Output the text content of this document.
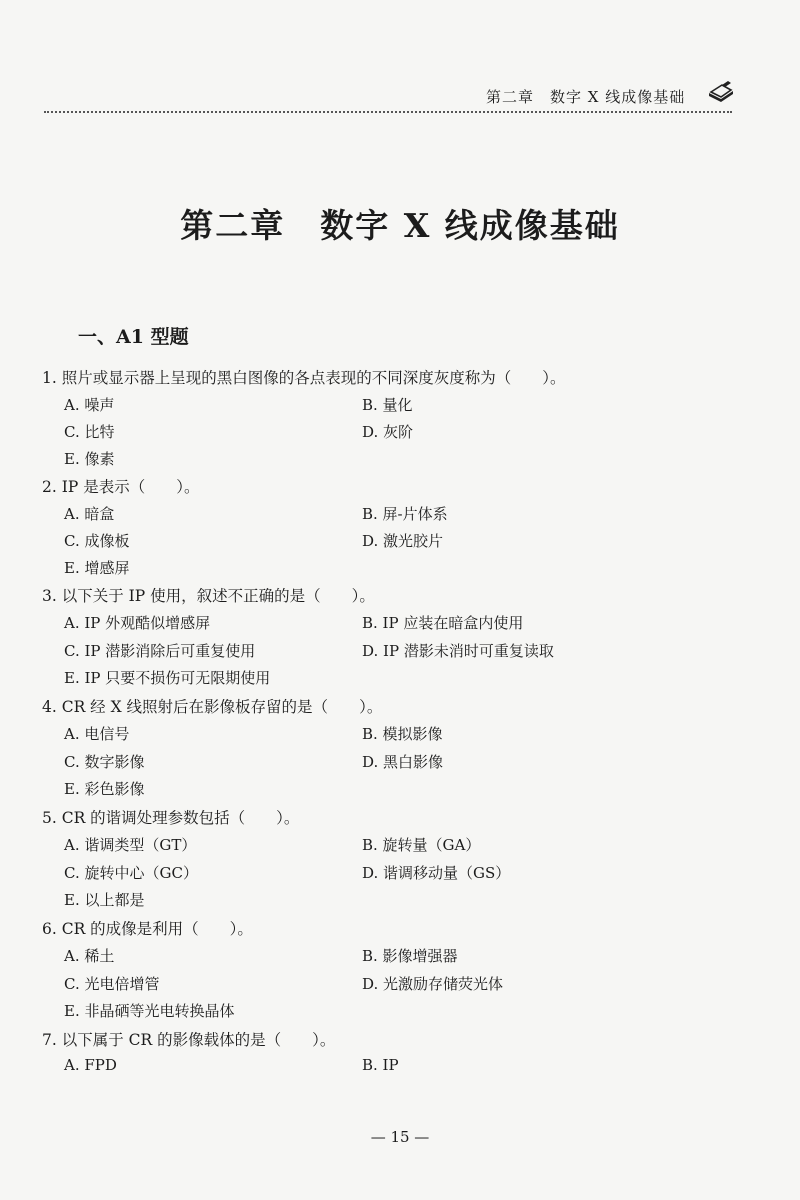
第二章　数字 X 线成像基础
第二章　数字 X 线成像基础
一、A1 型题
1. 照片或显示器上呈现的黑白图像的各点表现的不同深度灰度称为（　　）。
A. 噪声	B. 量化
C. 比特	D. 灰阶
E. 像素
2. IP 是表示（　　）。
A. 暗盒	B. 屏-片体系
C. 成像板	D. 激光胶片
E. 增感屏
3. 以下关于 IP 使用，叙述不正确的是（　　）。
A. IP 外观酷似增感屏	B. IP 应装在暗盒内使用
C. IP 潜影消除后可重复使用	D. IP 潜影未消时可重复读取
E. IP 只要不损伤可无限期使用
4. CR 经 X 线照射后在影像板存留的是（　　）。
A. 电信号	B. 模拟影像
C. 数字影像	D. 黑白影像
E. 彩色影像
5. CR 的谐调处理参数包括（　　）。
A. 谐调类型（GT）	B. 旋转量（GA）
C. 旋转中心（GC）	D. 谐调移动量（GS）
E. 以上都是
6. CR 的成像是利用（　　）。
A. 稀土	B. 影像增强器
C. 光电倍增管	D. 光激励存储荧光体
E. 非晶硒等光电转换晶体
7. 以下属于 CR 的影像载体的是（　　）。
A. FPD	B. IP
— 15 —
